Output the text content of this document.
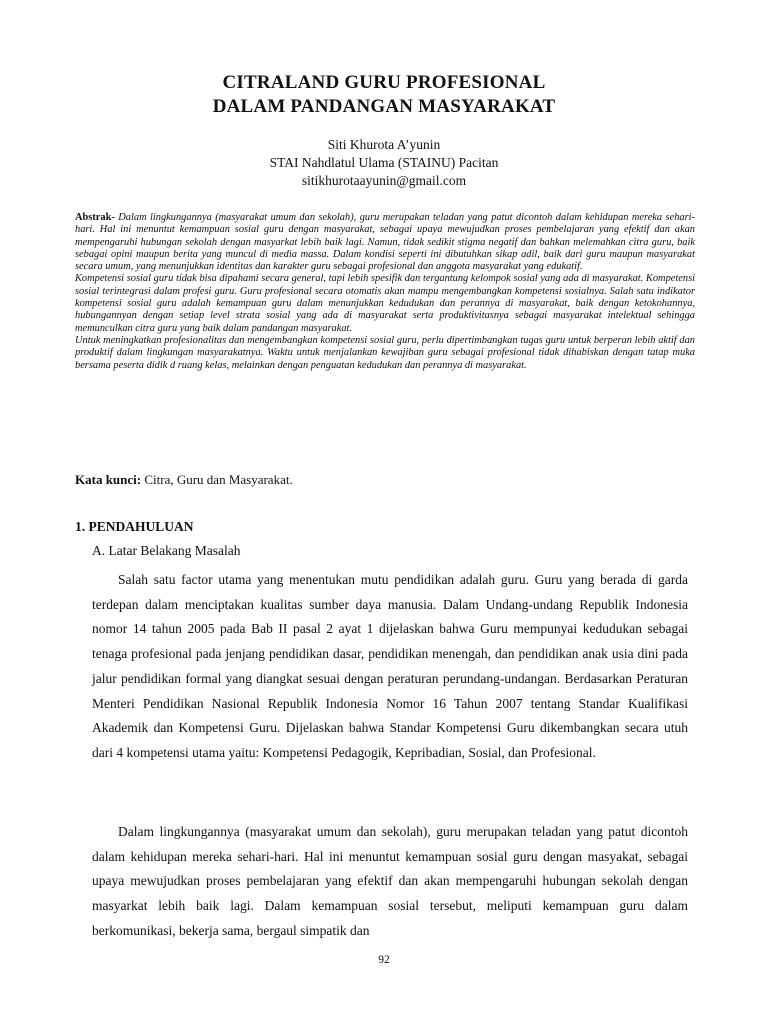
CITRALAND GURU PROFESIONAL
DALAM PANDANGAN MASYARAKAT
Siti Khurota A’yunin
STAI Nahdlatul Ulama (STAINU) Pacitan
sitikhurotaayunin@gmail.com

Abstrak- Dalam lingkungannya (masyarakat umum dan sekolah), guru merupakan teladan yang patut dicontoh dalam kehidupan mereka sehari-hari. Hal ini menuntut kemampuan sosial guru dengan masyarakat, sebagai upaya mewujudkan proses pembelajaran yang efektif dan akan mempengaruhi hubungan sekolah dengan masyarkat lebih baik lagi. Namun, tidak sedikit stigma negatif dan bahkan melemahkan citra guru, baik sebagai opini maupun berita yang muncul di media massa. Dalam kondisi seperti ini dibutuhkan sikap adil, baik dari guru maupun masyarakat secara umum, yang menunjukkan identitas dan karakter guru sebagai profesional dan anggota masyarakat yang edukatif.

Kompetensi sosial guru tidak bisa dipahami secara general, tapi lebih spesifik dan tergantung kelompok sosial yang ada di masyarakat. Kompetensi sosial terintegrasi dalam profesi guru. Guru profesional secara otomatis akan mampu mengembangkan kompetensi sosialnya. Salah satu indikator kompetensi sosial guru adalah kemampuan guru dalam menunjukkan kedudukan dan perannya di masyarakat, baik dengan ketokohannya, hubungannyan dengan setiap level strata sosial yang ada di masyarakat serta produktivitasnya sebagai masyarakat intelektual sehingga memunculkan citra guru yang baik dalam pandangan masyarakat.

Untuk meningkatkan profesionalitas dan mengembangkan kompetensi sosial guru, perlu dipertimbangkan tugas guru untuk berperan lebih aktif dan produktif dalam lingkungan masyarakatnya. Waktu untuk menjalankan kewajiban guru sebagai profesional tidak dihabiskan dengan tatap muka bersama peserta didik d ruang kelas, melainkan dengan penguatan kedudukan dan perannya di masyarakat.

Kata kunci: Citra, Guru dan Masyarakat.
1. PENDAHULUAN
A. Latar Belakang Masalah

Salah satu factor utama yang menentukan mutu pendidikan adalah guru. Guru yang berada di garda terdepan dalam menciptakan kualitas sumber daya manusia. Dalam Undang-undang Republik Indonesia nomor 14 tahun 2005 pada Bab II pasal 2 ayat 1 dijelaskan bahwa Guru mempunyai kedudukan sebagai tenaga profesional pada jenjang pendidikan dasar, pendidikan menengah, dan pendidikan anak usia dini pada jalur pendidikan formal yang diangkat sesuai dengan peraturan perundang-undangan. Berdasarkan Peraturan Menteri Pendidikan Nasional Republik Indonesia Nomor 16 Tahun 2007 tentang Standar Kualifikasi Akademik dan Kompetensi Guru. Dijelaskan bahwa Standar Kompetensi Guru dikembangkan secara utuh dari 4 kompetensi utama yaitu: Kompetensi Pedagogik, Kepribadian, Sosial, dan Profesional.

Dalam lingkungannya (masyarakat umum dan sekolah), guru merupakan teladan yang patut dicontoh dalam kehidupan mereka sehari-hari. Hal ini menuntut kemampuan sosial guru dengan masyakat, sebagai upaya mewujudkan proses pembelajaran yang efektif dan akan mempengaruhi hubungan sekolah dengan masyarkat lebih baik lagi. Dalam kemampuan sosial tersebut, meliputi kemampuan guru dalam berkomunikasi, bekerja sama, bergaul simpatik dan

92
